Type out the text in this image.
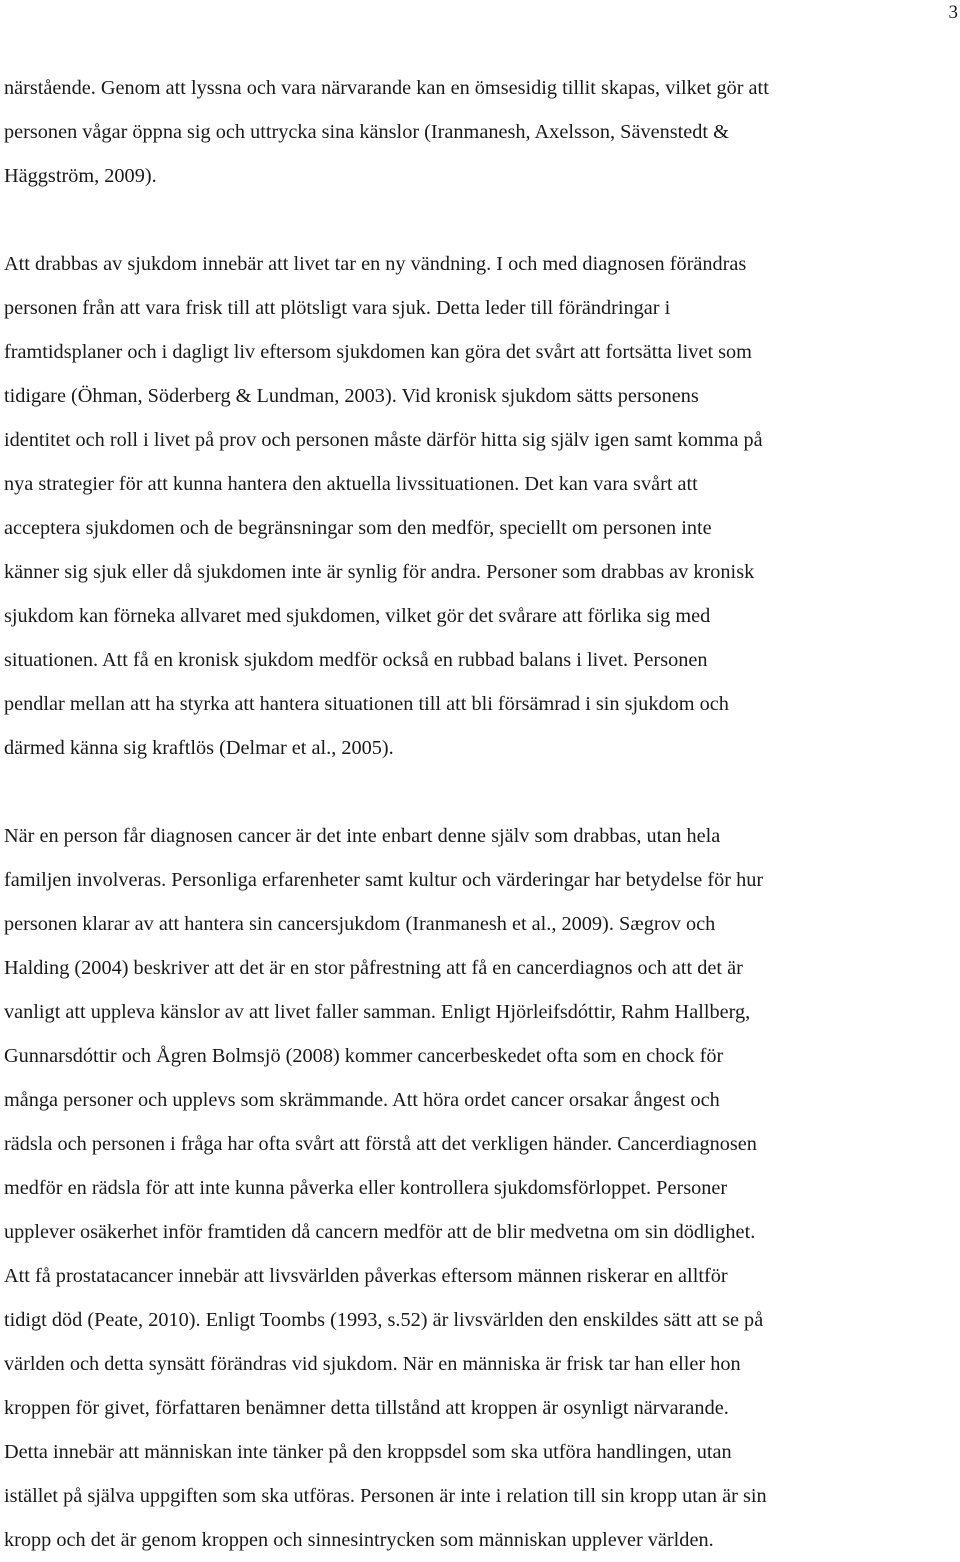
3

närstående. Genom att lyssna och vara närvarande kan en ömsesidig tillit skapas, vilket gör att
personen vågar öppna sig och uttrycka sina känslor (Iranmanesh, Axelsson, Sävenstedt &
Häggström, 2009).

Att drabbas av sjukdom innebär att livet tar en ny vändning. I och med diagnosen förändras
personen från att vara frisk till att plötsligt vara sjuk. Detta leder till förändringar i
framtidsplaner och i dagligt liv eftersom sjukdomen kan göra det svårt att fortsätta livet som
tidigare (Öhman, Söderberg & Lundman, 2003). Vid kronisk sjukdom sätts personens
identitet och roll i livet på prov och personen måste därför hitta sig själv igen samt komma på
nya strategier för att kunna hantera den aktuella livssituationen. Det kan vara svårt att
acceptera sjukdomen och de begränsningar som den medför, speciellt om personen inte
känner sig sjuk eller då sjukdomen inte är synlig för andra. Personer som drabbas av kronisk
sjukdom kan förneka allvaret med sjukdomen, vilket gör det svårare att förlika sig med
situationen. Att få en kronisk sjukdom medför också en rubbad balans i livet. Personen
pendlar mellan att ha styrka att hantera situationen till att bli försämrad i sin sjukdom och
därmed känna sig kraftlös (Delmar et al., 2005).

När en person får diagnosen cancer är det inte enbart denne själv som drabbas, utan hela
familjen involveras. Personliga erfarenheter samt kultur och värderingar har betydelse för hur
personen klarar av att hantera sin cancersjukdom (Iranmanesh et al., 2009). Sægrov och
Halding (2004) beskriver att det är en stor påfrestning att få en cancerdiagnos och att det är
vanligt att uppleva känslor av att livet faller samman. Enligt Hjörleifsdóttir, Rahm Hallberg,
Gunnarsdóttir och Ågren Bolmsjö (2008) kommer cancerbeskedet ofta som en chock för
många personer och upplevs som skrämmande. Att höra ordet cancer orsakar ångest och
rädsla och personen i fråga har ofta svårt att förstå att det verkligen händer. Cancerdiagnosen
medför en rädsla för att inte kunna påverka eller kontrollera sjukdomsförloppet. Personer
upplever osäkerhet inför framtiden då cancern medför att de blir medvetna om sin dödlighet.
Att få prostatacancer innebär att livsvärlden påverkas eftersom männen riskerar en alltför
tidigt död (Peate, 2010). Enligt Toombs (1993, s.52) är livsvärlden den enskildes sätt att se på
världen och detta synsätt förändras vid sjukdom. När en människa är frisk tar han eller hon
kroppen för givet, författaren benämner detta tillstånd att kroppen är osynligt närvarande.
Detta innebär att människan inte tänker på den kroppsdel som ska utföra handlingen, utan
istället på själva uppgiften som ska utföras. Personen är inte i relation till sin kropp utan är sin
kropp och det är genom kroppen och sinnesintrycken som människan upplever världen.
